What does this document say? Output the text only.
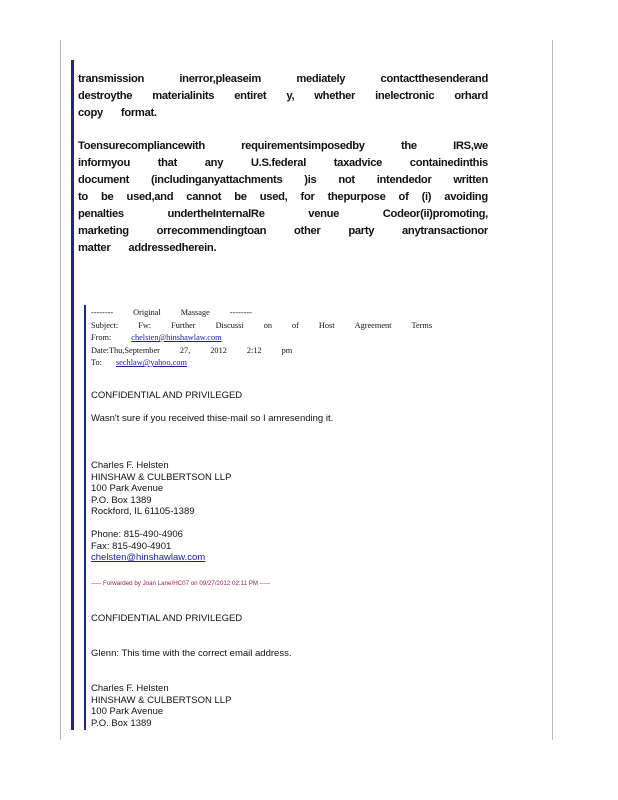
transmission	inerror,pleaseim	mediately	contactthesenderand
destroythe materialinits entiret y, whether inelectronic orhard
copy format.

Toensurecompliancewith	requirementsimposedby	the	IRS,we
informyou that any U.S.federal taxadvice containedinthis
document (includinganyattachments )is not intendedor written
to be used,and cannot be used, for thepurpose of (i) avoiding
penalties	undertheInternalRe	venue	Codeor(ii)promoting,
marketing orrecommendingtoan other party anytransactionor
matter addressedherein.

-------- Original Massage --------
Subject: Fw: Further Discussi on of Host Agreement Terms
From: chelsten@hinshawlaw.com
Date:Thu,September 27, 2012 2:12 pm
To: sechlaw@yahoo.com
CONFIDENTIAL AND PRIVILEGED
Wasn't sure if you received thise-mail so I amresending it.
Charles F. Helsten
HINSHAW & CULBERTSON LLP
100 Park Avenue
P.O. Box 1389
Rockford, IL 61105-1389
Phone: 815-490-4906
Fax: 815-490-4901
chelsten@hinshawlaw.com
----- Forwarded by Joan Lane/HC07 on 09/27/2012 02:11 PM -----
CONFIDENTIAL AND PRIVILEGED
Glenn: This time with the correct email address.
Charles F. Helsten
HINSHAW & CULBERTSON LLP
100 Park Avenue
P.O. Box 1389
